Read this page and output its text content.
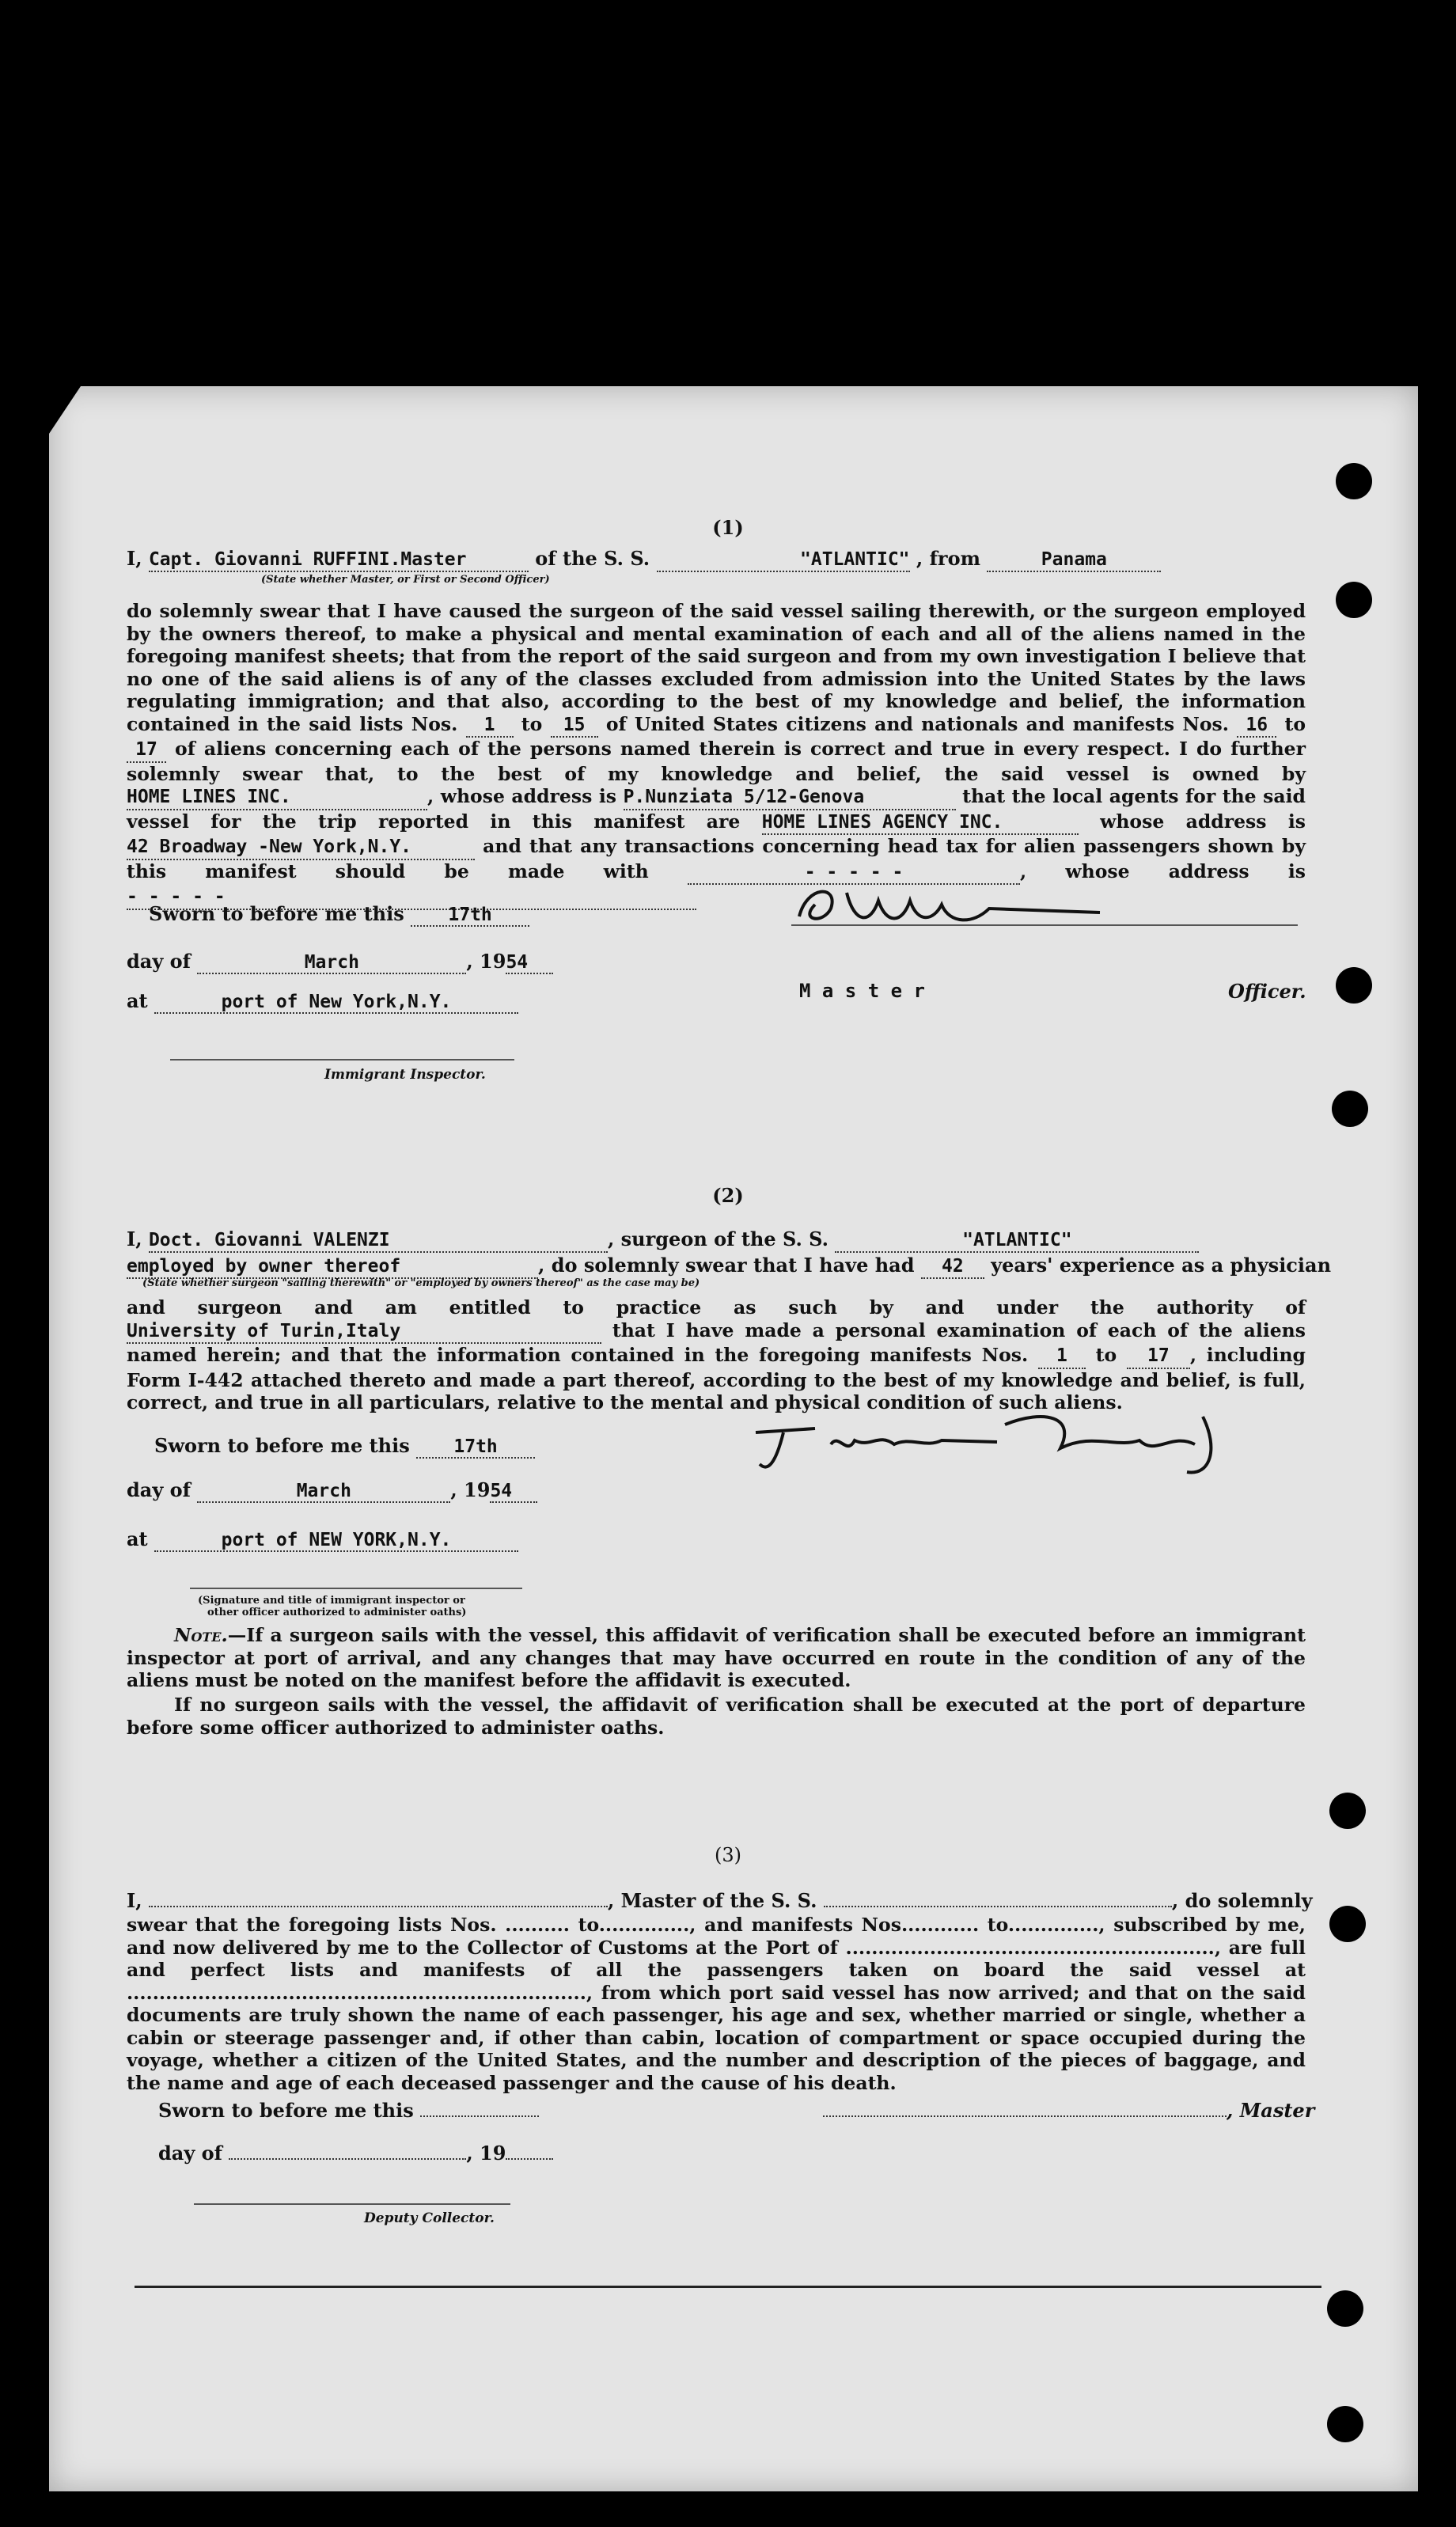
(1)
I, Capt. Giovanni RUFFINI.Master	of the S. S.	"ATLANTIC" , from	Panama
(State whether Master, or First or Second Officer)
do solemnly swear that I have caused the surgeon of the said vessel sailing therewith, or the surgeon employed by the owners thereof, to make a physical and mental examination of each and all of the aliens named in the foregoing manifest sheets; that from the report of the said surgeon and from my own investigation I believe that no one of the said aliens is of any of the classes excluded from admission into the United States by the laws regulating immigration; and that also, according to the best of my knowledge and belief, the information contained in the said lists Nos. 1 to 15 of United States citizens and nationals and manifests Nos. 16 to 17 of aliens concerning each of the persons named therein is correct and true in every respect. I do further solemnly swear that, to the best of my knowledge and belief, the said vessel is owned by HOME LINES INC.	, whose address is P.Nunziata 5/12-Genova	that the local agents for the said vessel for the trip reported in this manifest are HOME LINES AGENCY INC.	whose address is 42 Broadway -New York,N.Y.	and that any transactions concerning head tax for alien passengers shown by this manifest should be made with	- - - - -	, whose address is - - - - -
Sworn to before me this 17th
day of	March	, 1954
at	port of New York,N.Y.	M a s t e r	Officer.
Immigrant Inspector.
(2)
I, Doct. Giovanni VALENZI	, surgeon of the S. S.	"ATLANTIC"
employed by owner thereof	, do solemnly swear that I have had 42 years' experience as a physician
(State whether surgeon "sailing therewith" or "employed by owners thereof" as the case may be)
and surgeon and am entitled to practice as such by and under the authority of University of Turin,Italy	that I have made a personal examination of each of the aliens named herein; and that the information contained in the foregoing manifests Nos. 1 to 17 , including Form I-442 attached thereto and made a part thereof, according to the best of my knowledge and belief, is full, correct, and true in all particulars, relative to the mental and physical condition of such aliens.
Sworn to before me this 17th
day of	March	, 1954
at	port of NEW YORK,N.Y.
(Signature and title of immigrant inspector or
other officer authorized to administer oaths)
Note.—If a surgeon sails with the vessel, this affidavit of verification shall be executed before an immigrant inspector at port of arrival, and any changes that may have occurred en route in the condition of any of the aliens must be noted on the manifest before the affidavit is executed.
If no surgeon sails with the vessel, the affidavit of verification shall be executed at the port of departure before some officer authorized to administer oaths.
(3)
I,	, Master of the S. S.	, do solemnly
swear that the foregoing lists Nos. .......... to.............., and manifests Nos............ to.............., subscribed by me, and now delivered by me to the Collector of Customs at the Port of ........................................................., are full and perfect lists and manifests of all the passengers taken on board the said vessel at ......................................................................., from which port said vessel has now arrived; and that on the said documents are truly shown the name of each passenger, his age and sex, whether married or single, whether a cabin or steerage passenger and, if other than cabin, location of compartment or space occupied during the voyage, whether a citizen of the United States, and the number and description of the pieces of baggage, and the name and age of each deceased passenger and the cause of his death.
Sworn to before me this	, Master
day of	, 19
Deputy Collector.
